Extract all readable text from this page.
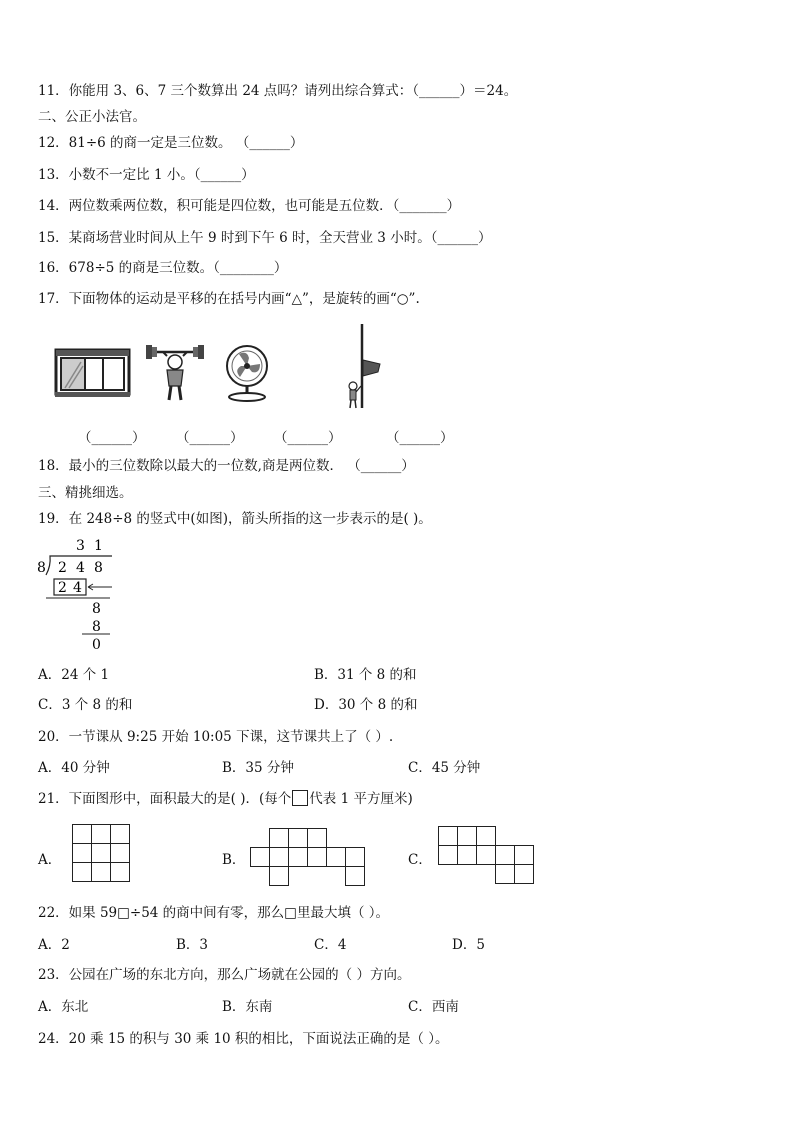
11．你能用 3、6、7 三个数算出 24 点吗？请列出综合算式：（______）＝24。
二、公正小法官。
12．81÷6 的商一定是三位数。 （______）
13．小数不一定比 1 小。（______）
14．两位数乘两位数，积可能是四位数，也可能是五位数．（_______）
15．某商场营业时间从上午 9 时到下午 6 时，全天营业 3 小时。（______）
16．678÷5 的商是三位数。（________）
17．下面物体的运动是平移的在括号内画“△”，是旋转的画“○”.
（______） （______） （______）	（______）
18．最小的三位数除以最大的一位数,商是两位数． （______）
三、精挑细选。
19．在 248÷8 的竖式中(如图)，箭头所指的这一步表示的是( )。
3 1
8 2 4 8
2 4
8
8
0
A．24 个 1	B．31 个 8 的和
C．3 个 8 的和	D．30 个 8 的和
20．一节课从 9:25 开始 10:05 下课，这节课共上了（ ）.
A．40 分钟	B．35 分钟	C．45 分钟
21．下面图形中，面积最大的是( )．(每个 代表 1 平方厘米)
A．	B．	C．
22．如果 59□÷54 的商中间有零，那么□里最大填（ ）。
A．2	B．3	C．4	D．5
23．公园在广场的东北方向，那么广场就在公园的（ ）方向。
A．东北	B．东南	C．西南
24．20 乘 15 的积与 30 乘 10 积的相比，下面说法正确的是（ ）。
